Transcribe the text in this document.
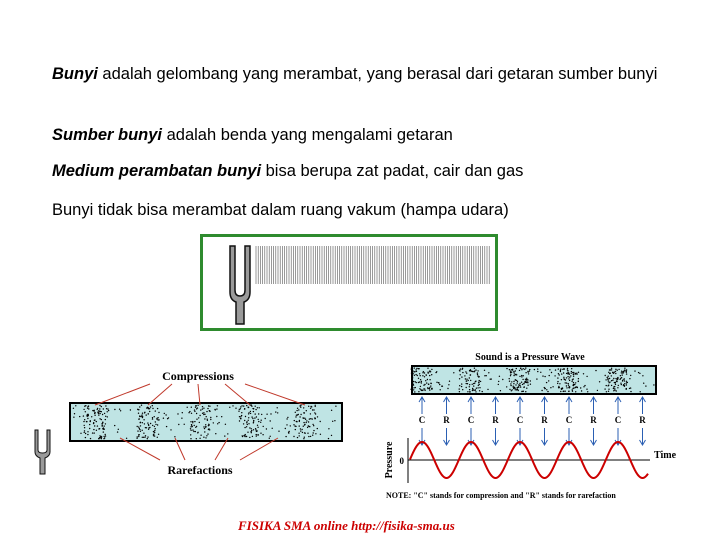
Bunyi adalah gelombang yang merambat, yang berasal dari getaran sumber bunyi
Sumber bunyi adalah benda yang mengalami getaran
Medium perambatan bunyi bisa berupa zat padat, cair dan gas
Bunyi tidak bisa merambat dalam ruang vakum (hampa udara)
Compressions
Rarefactions
Sound is a Pressure Wave
C R C R C R C R C R
Pressure 0	Time
NOTE: "C" stands for compression and "R" stands for rarefaction
FISIKA SMA online http://fisika-sma.us
